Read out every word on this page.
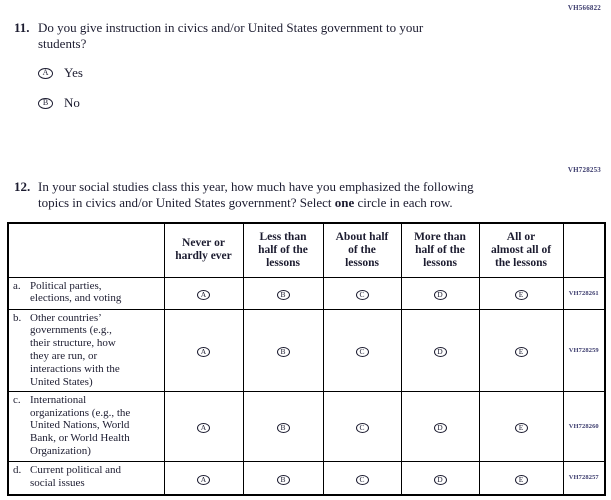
VH566822
11. Do you give instruction in civics and/or United States government to your
students?

A	Yes
B	No
VH728253
12. In your social studies class this year, how much have you emphasized the following
topics in civics and/or United States government? Select one circle in each row.

	Never or
hardly ever	Less than
half of the
lessons	About half
of the
lessons	More than
half of the
lessons	All or
almost all of
the lessons	

a. Political parties,
elections, and voting	A	B	C	D	E	VH728261

b. Other countries’
governments (e.g.,
their structure, how
they are run, or
interactions with the
United States)
	A	B	C	D	E	VH728259

c. International
organizations (e.g., the
United Nations, World
Bank, or World Health
Organization)
	A	B	C	D	E	VH728260

d. Current political and
social issues	A	B	C	D	E	VH728257
